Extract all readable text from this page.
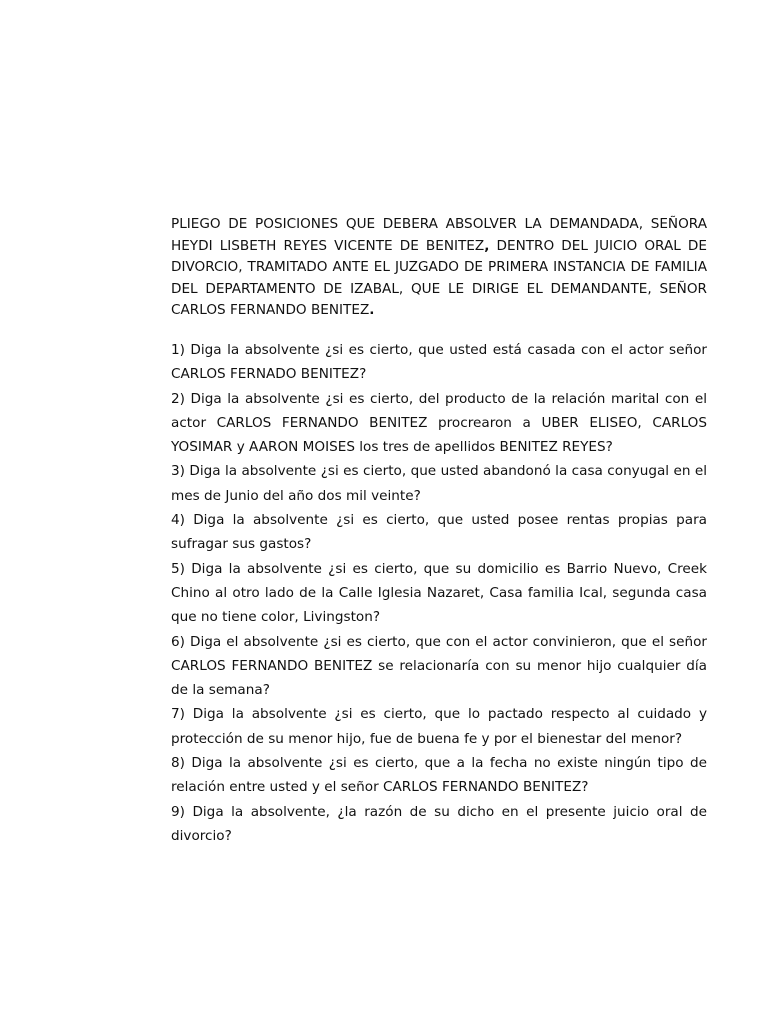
PLIEGO DE POSICIONES QUE DEBERA ABSOLVER LA DEMANDADA, SEÑORA HEYDI LISBETH REYES VICENTE DE BENITEZ, DENTRO DEL JUICIO ORAL DE DIVORCIO, TRAMITADO ANTE EL JUZGADO DE PRIMERA INSTANCIA DE FAMILIA DEL DEPARTAMENTO DE IZABAL, QUE LE DIRIGE EL DEMANDANTE, SEÑOR CARLOS FERNANDO BENITEZ.

1) Diga la absolvente ¿si es cierto, que usted está casada con el actor señor CARLOS FERNADO BENITEZ?

2) Diga la absolvente ¿si es cierto, del producto de la relación marital con el actor CARLOS FERNANDO BENITEZ procrearon a UBER ELISEO, CARLOS YOSIMAR y AARON MOISES los tres de apellidos BENITEZ REYES?

3) Diga la absolvente ¿si es cierto, que usted abandonó la casa conyugal en el mes de Junio del año dos mil veinte?

4) Diga la absolvente ¿si es cierto, que usted posee rentas propias para sufragar sus gastos?

5) Diga la absolvente ¿si es cierto, que su domicilio es Barrio Nuevo, Creek Chino al otro lado de la Calle Iglesia Nazaret, Casa familia Ical, segunda casa que no tiene color, Livingston?

6) Diga el absolvente ¿si es cierto, que con el actor convinieron, que el señor CARLOS FERNANDO BENITEZ se relacionaría con su menor hijo cualquier día de la semana?

7) Diga la absolvente ¿si es cierto, que lo pactado respecto al cuidado y protección de su menor hijo, fue de buena fe y por el bienestar del menor?

8) Diga la absolvente ¿si es cierto, que a la fecha no existe ningún tipo de relación entre usted y el señor CARLOS FERNANDO BENITEZ?

9) Diga la absolvente, ¿la razón de su dicho en el presente juicio oral de divorcio?
